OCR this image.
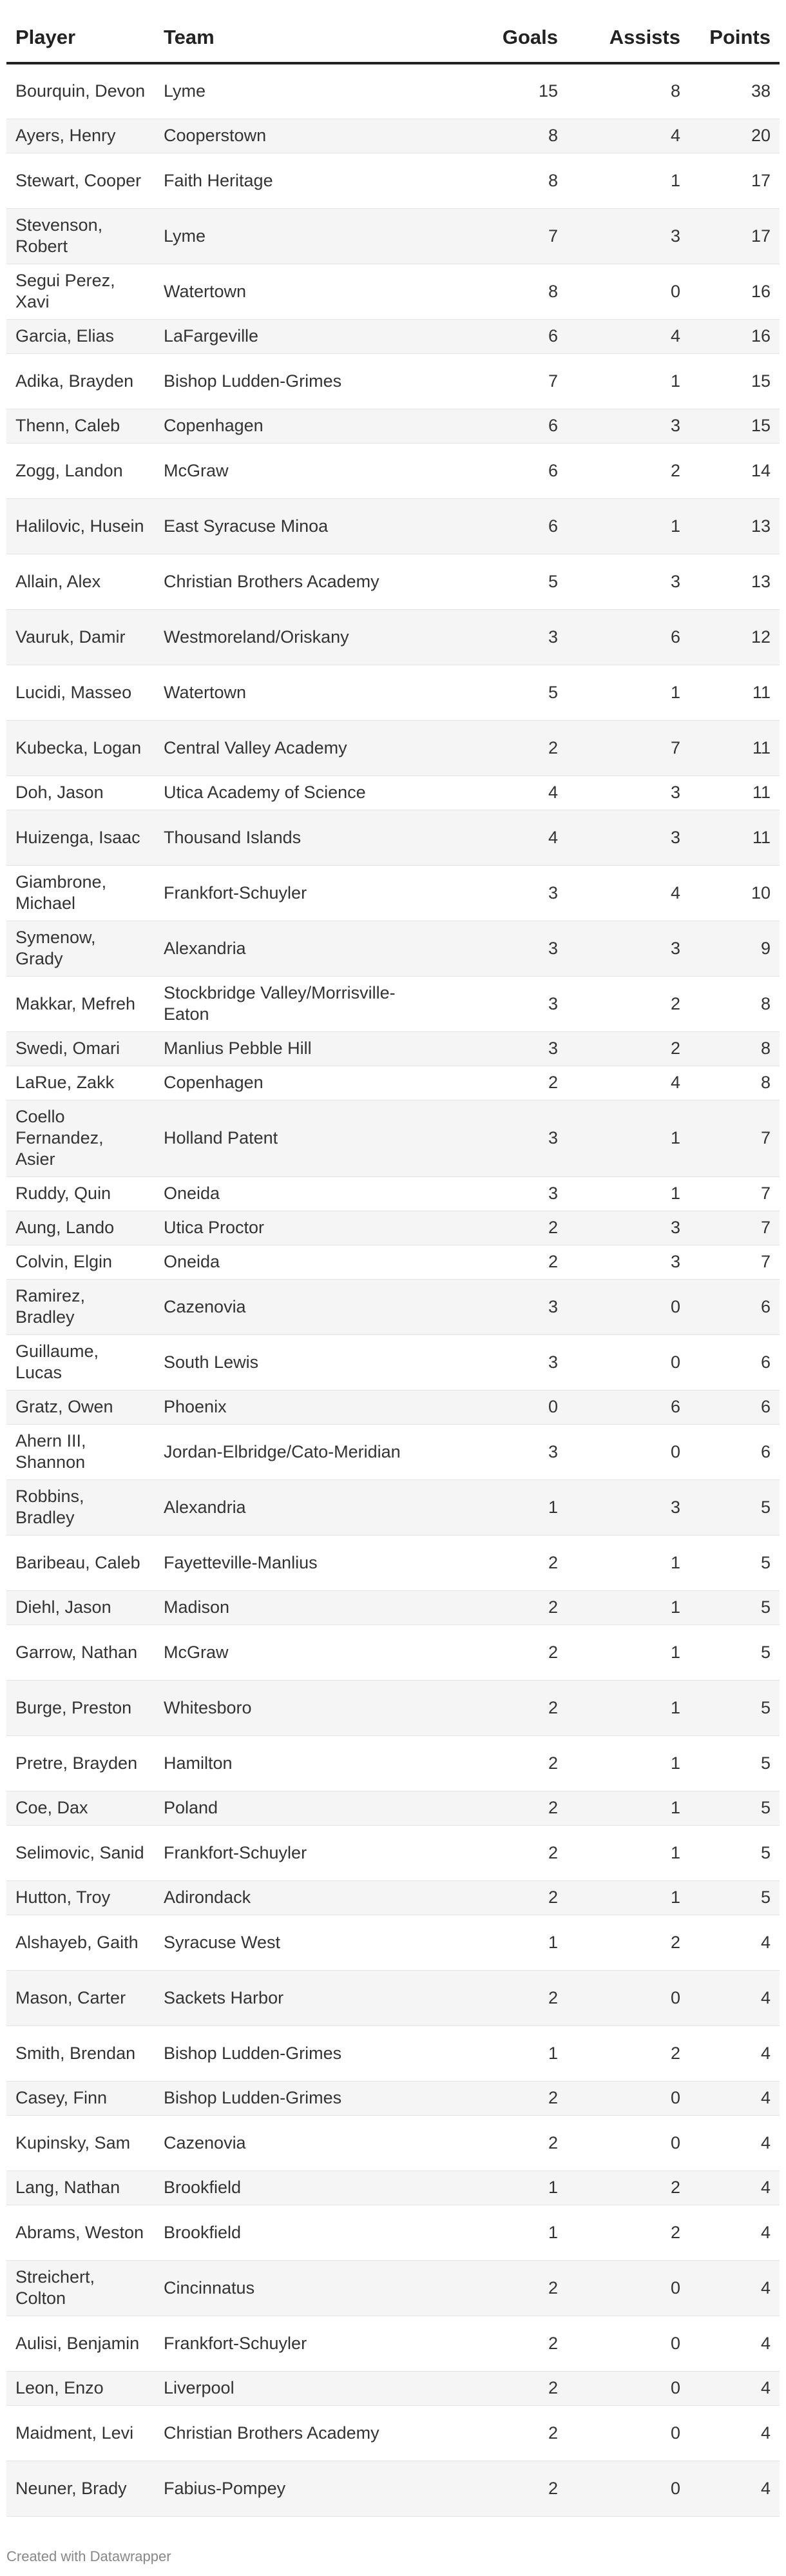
Player	Team	Goals	Assists	Points
Bourquin, Devon	Lyme	15	8	38
Ayers, Henry	Cooperstown	8	4	20
Stewart, Cooper	Faith Heritage	8	1	17
Stevenson, Robert	Lyme	7	3	17
Segui Perez, Xavi	Watertown	8	0	16
Garcia, Elias	LaFargeville	6	4	16
Adika, Brayden	Bishop Ludden-Grimes	7	1	15
Thenn, Caleb	Copenhagen	6	3	15
Zogg, Landon	McGraw	6	2	14
Halilovic, Husein	East Syracuse Minoa	6	1	13
Allain, Alex	Christian Brothers Academy	5	3	13
Vauruk, Damir	Westmoreland/Oriskany	3	6	12
Lucidi, Masseo	Watertown	5	1	11
Kubecka, Logan	Central Valley Academy	2	7	11
Doh, Jason	Utica Academy of Science	4	3	11
Huizenga, Isaac	Thousand Islands	4	3	11
Giambrone, Michael	Frankfort-Schuyler	3	4	10
Symenow, Grady	Alexandria	3	3	9
Makkar, Mefreh	Stockbridge Valley/Morrisville-Eaton	3	2	8
Swedi, Omari	Manlius Pebble Hill	3	2	8
LaRue, Zakk	Copenhagen	2	4	8
Coello Fernandez, Asier	Holland Patent	3	1	7
Ruddy, Quin	Oneida	3	1	7
Aung, Lando	Utica Proctor	2	3	7
Colvin, Elgin	Oneida	2	3	7
Ramirez, Bradley	Cazenovia	3	0	6
Guillaume, Lucas	South Lewis	3	0	6
Gratz, Owen	Phoenix	0	6	6
Ahern III, Shannon	Jordan-Elbridge/Cato-Meridian	3	0	6
Robbins, Bradley	Alexandria	1	3	5
Baribeau, Caleb	Fayetteville-Manlius	2	1	5
Diehl, Jason	Madison	2	1	5
Garrow, Nathan	McGraw	2	1	5
Burge, Preston	Whitesboro	2	1	5
Pretre, Brayden	Hamilton	2	1	5
Coe, Dax	Poland	2	1	5
Selimovic, Sanid	Frankfort-Schuyler	2	1	5
Hutton, Troy	Adirondack	2	1	5
Alshayeb, Gaith	Syracuse West	1	2	4
Mason, Carter	Sackets Harbor	2	0	4
Smith, Brendan	Bishop Ludden-Grimes	1	2	4
Casey, Finn	Bishop Ludden-Grimes	2	0	4
Kupinsky, Sam	Cazenovia	2	0	4
Lang, Nathan	Brookfield	1	2	4
Abrams, Weston	Brookfield	1	2	4
Streichert, Colton	Cincinnatus	2	0	4
Aulisi, Benjamin	Frankfort-Schuyler	2	0	4
Leon, Enzo	Liverpool	2	0	4
Maidment, Levi	Christian Brothers Academy	2	0	4
Neuner, Brady	Fabius-Pompey	2	0	4
Created with Datawrapper
